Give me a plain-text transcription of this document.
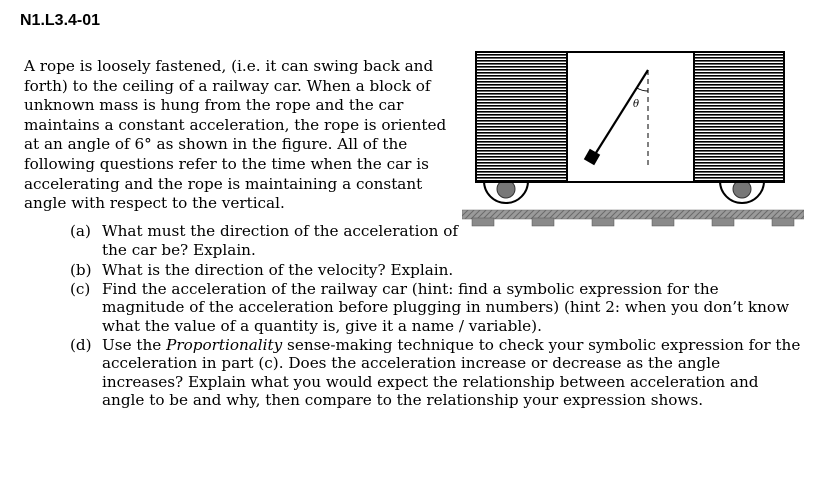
N1.L3.4-01

A rope is loosely fastened, (i.e. it can swing back and forth) to the ceiling of a railway car. When a block of unknown mass is hung from the rope and the car maintains a constant acceleration, the rope is oriented at an angle of 6° as shown in the figure. All of the following questions refer to the time when the car is accelerating and the rope is maintaining a constant angle with respect to the vertical.

θ
(a) What must the direction of the acceleration of the car be? Explain.
(b) What is the direction of the velocity? Explain.
(c) Find the acceleration of the railway car (hint: find a symbolic expression for the magnitude of the acceleration before plugging in numbers) (hint 2: when you don’t know what the value of a quantity is, give it a name / variable).
(d) Use the Proportionality sense-making technique to check your symbolic expression for the acceleration in part (c). Does the acceleration increase or decrease as the angle increases? Explain what you would expect the relationship between acceleration and angle to be and why, then compare to the relationship your expression shows.
